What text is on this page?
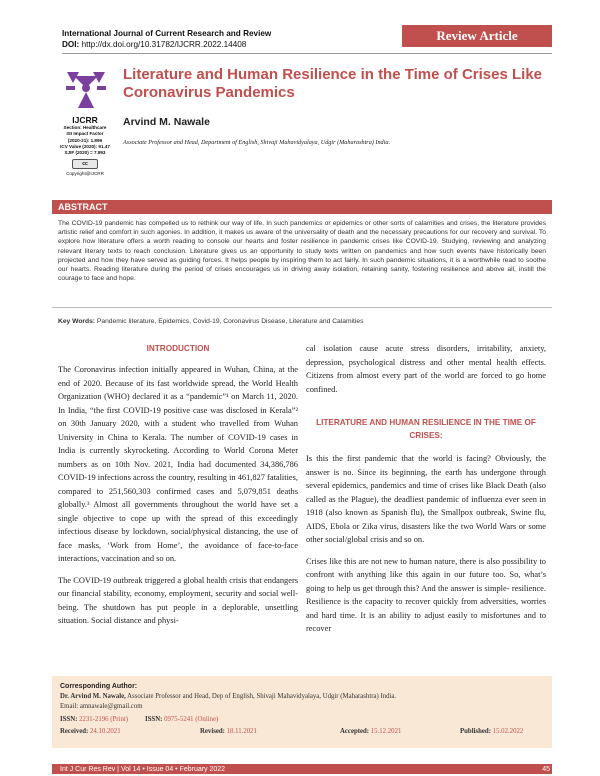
International Journal of Current Research and Review
DOI: http://dx.doi.org/10.31782/IJCRR.2022.14408
Review Article
IJCRR
Section: Healthcare
ISI Impact Factor
(2020-21): 1.899
ICV Value (2020): 91.47
SJIF (2020) = 7.893
cc
Copyright@IJCRR
Literature and Human Resilience in the Time of Crises Like Coronavirus Pandemics
Arvind M. Nawale
Associate Professor and Head, Department of English, Shivaji Mahavidyalaya, Udgir (Maharashtra) India.
ABSTRACT
The COVID-19 pandemic has compelled us to rethink our way of life. In such pandemics or epidemics or other sorts of calamities and crises, the literature provides artistic relief and comfort in such agonies. In addition, it makes us aware of the universality of death and the necessary precautions for our recovery and survival. To explore how literature offers a worth reading to console our hearts and foster resilience in pandemic crises like COVID-19. Studying, reviewing and analyzing relevant literary texts to reach conclusion. Literature gives us an opportunity to study texts written on pandemics and how such events have historically been projected and how they have served as guiding forces. It helps people by inspiring them to act fairly. In such pandemic situations, it is a worthwhile read to soothe our hearts. Reading literature during the period of crises encourages us in driving away isolation, retaining sanity, fostering resilience and above all, instill the courage to face and hope.
Key Words: Pandemic literature, Epidemics, Covid-19, Coronavirus Disease, Literature and Calamities
INTRODUCTION
The Coronavirus infection initially appeared in Wuhan, China, at the end of 2020. Because of its fast worldwide spread, the World Health Organization (WHO) declared it as a “pandemic”¹ on March 11, 2020. In India, “the first COVID-19 positive case was disclosed in Kerala”² on 30th January 2020, with a student who travelled from Wuhan University in China to Kerala. The number of COVID-19 cases in India is currently skyrocketing. According to World Corona Meter numbers as on 10th Nov. 2021, India had documented 34,386,786 COVID-19 infections across the country, resulting in 461,827 fatalities, compared to 251,560,303 confirmed cases and 5,079,851 deaths globally.³ Almost all governments throughout the world have set a single objective to cope up with the spread of this exceedingly infectious disease by lockdown, social/physical distancing, the use of face masks, ‘Work from Home’, the avoidance of face-to-face interactions, vaccination and so on.
The COVID-19 outbreak triggered a global health crisis that endangers our financial stability, economy, employment, security and social well-being. The shutdown has put people in a deplorable, unsettling situation. Social distance and physi-
cal isolation cause acute stress disorders, irritability, anxiety, depression, psychological distress and other mental health effects. Citizens from almost every part of the world are forced to go home confined.
LITERATURE AND HUMAN RESILIENCE IN THE TIME OF CRISES:
Is this the first pandemic that the world is facing? Obviously, the answer is no. Since its beginning, the earth has undergone through several epidemics, pandemics and time of crises like Black Death (also called as the Plague), the deadliest pandemic of influenza ever seen in 1918 (also known as Spanish flu), the Smallpox outbreak, Swine flu, AIDS, Ebola or Zika virus, disasters like the two World Wars or some other social/global crisis and so on.
Crises like this are not new to human nature, there is also possibility to confront with anything like this again in our future too. So, what’s going to help us get through this? And the answer is simple- resilience. Resilience is the capacity to recover quickly from adversities, worries and hard time. It is an ability to adjust easily to misfortunes and to recover
Corresponding Author:
Dr. Arvind M. Nawale, Associate Professor and Head, Dep of English, Shivaji Mahavidyalaya, Udgir (Maharashtra) India.
Email: amnawale@gmail.com
ISSN: 2231-2196 (Print)	ISSN: 0975-5241 (Online)
Received: 24.10.2021	Revised: 18.11.2021	Accepted: 15.12.2021	Published: 15.02.2022
Int J Cur Res Rev | Vol 14 • Issue 04 • February 2022	45
